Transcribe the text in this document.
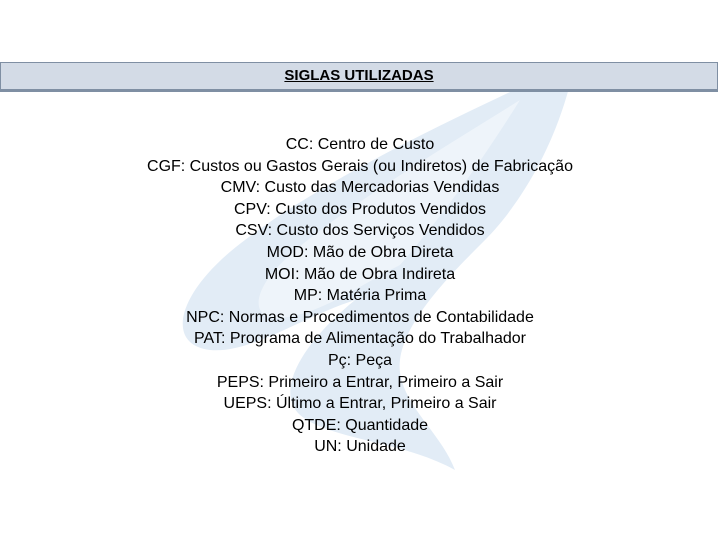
SIGLAS UTILIZADAS
CC: Centro de Custo
CGF: Custos ou Gastos Gerais (ou Indiretos) de Fabricação
CMV: Custo das Mercadorias Vendidas
CPV: Custo dos Produtos Vendidos
CSV: Custo dos Serviços Vendidos
MOD: Mão de Obra Direta
MOI: Mão de Obra Indireta
MP: Matéria Prima
NPC: Normas e Procedimentos de Contabilidade
PAT: Programa de Alimentação do Trabalhador
Pç: Peça
PEPS: Primeiro a Entrar, Primeiro a Sair
UEPS: Último a Entrar, Primeiro a Sair
QTDE: Quantidade
UN: Unidade
